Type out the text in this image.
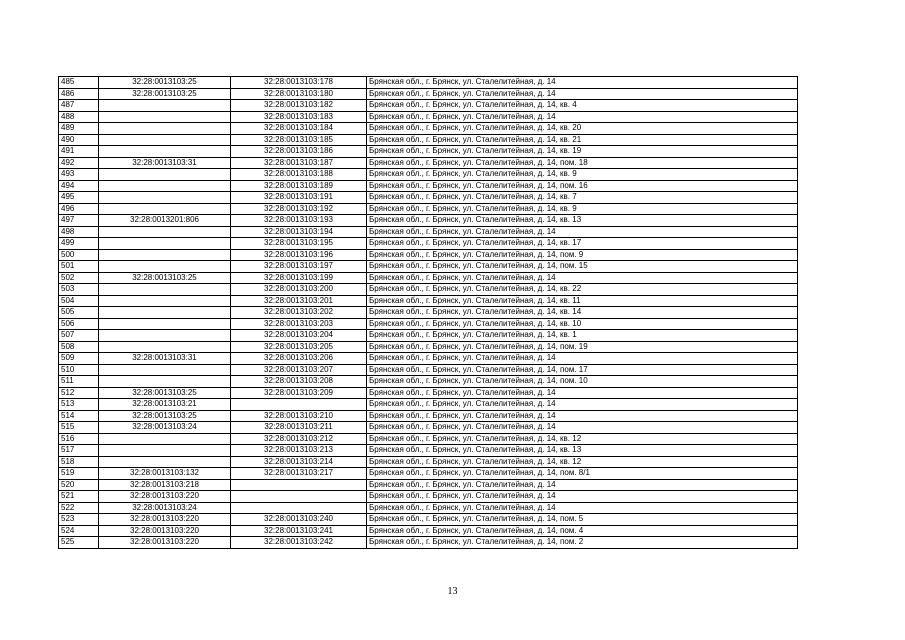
485	32:28:0013103:25	32:28:0013103:178	Брянская обл., г. Брянск, ул. Сталелитейная, д. 14
486	32:28:0013103:25	32:28:0013103:180	Брянская обл., г. Брянск, ул. Сталелитейная, д. 14
487		32:28:0013103:182	Брянская обл., г. Брянск, ул. Сталелитейная, д. 14, кв. 4
488		32:28:0013103:183	Брянская обл., г. Брянск, ул. Сталелитейная, д. 14
489		32:28:0013103:184	Брянская обл., г. Брянск, ул. Сталелитейная, д. 14, кв. 20
490		32:28:0013103:185	Брянская обл., г. Брянск, ул. Сталелитейная, д. 14, кв. 21
491		32:28:0013103:186	Брянская обл., г. Брянск, ул. Сталелитейная, д. 14, кв. 19
492	32:28:0013103:31	32:28:0013103:187	Брянская обл., г. Брянск, ул. Сталелитейная, д. 14, пом. 18
493		32:28:0013103:188	Брянская обл., г. Брянск, ул. Сталелитейная, д. 14, кв. 9
494		32:28:0013103:189	Брянская обл., г. Брянск, ул. Сталелитейная, д. 14, пом. 16
495		32:28:0013103:191	Брянская обл., г. Брянск, ул. Сталелитейная, д. 14, кв. 7
496		32:28:0013103:192	Брянская обл., г. Брянск, ул. Сталелитейная, д. 14, кв. 9
497	32:28:0013201:806	32:28:0013103:193	Брянская обл., г. Брянск, ул. Сталелитейная, д. 14, кв. 13
498		32:28:0013103:194	Брянская обл., г. Брянск, ул. Сталелитейная, д. 14
499		32:28:0013103:195	Брянская обл., г. Брянск, ул. Сталелитейная, д. 14, кв. 17
500		32:28:0013103:196	Брянская обл., г. Брянск, ул. Сталелитейная, д. 14, пом. 9
501		32:28:0013103:197	Брянская обл., г. Брянск, ул. Сталелитейная, д. 14, пом. 15
502	32:28:0013103:25	32:28:0013103:199	Брянская обл., г. Брянск, ул. Сталелитейная, д. 14
503		32:28:0013103:200	Брянская обл., г. Брянск, ул. Сталелитейная, д. 14, кв. 22
504		32:28:0013103:201	Брянская обл., г. Брянск, ул. Сталелитейная, д. 14, кв. 11
505		32:28:0013103:202	Брянская обл., г. Брянск, ул. Сталелитейная, д. 14, кв. 14
506		32:28:0013103:203	Брянская обл., г. Брянск, ул. Сталелитейная, д. 14, кв. 10
507		32:28:0013103:204	Брянская обл., г. Брянск, ул. Сталелитейная, д. 14, кв. 1
508		32:28:0013103:205	Брянская обл., г. Брянск, ул. Сталелитейная, д. 14, пом. 19
509	32:28:0013103:31	32:28:0013103:206	Брянская обл., г. Брянск, ул. Сталелитейная, д. 14
510		32:28:0013103:207	Брянская обл., г. Брянск, ул. Сталелитейная, д. 14, пом. 17
511		32:28:0013103:208	Брянская обл., г. Брянск, ул. Сталелитейная, д. 14, пом. 10
512	32:28:0013103:25	32:28:0013103:209	Брянская обл., г. Брянск, ул. Сталелитейная, д. 14
513	32:28:0013103:21		Брянская обл., г. Брянск, ул. Сталелитейная, д. 14
514	32:28:0013103:25	32:28:0013103:210	Брянская обл., г. Брянск, ул. Сталелитейная, д. 14
515	32:28:0013103:24	32:28:0013103:211	Брянская обл., г. Брянск, ул. Сталелитейная, д. 14
516		32:28:0013103:212	Брянская обл., г. Брянск, ул. Сталелитейная, д. 14, кв. 12
517		32:28:0013103:213	Брянская обл., г. Брянск, ул. Сталелитейная, д. 14, кв. 13
518		32:28:0013103:214	Брянская обл., г. Брянск, ул. Сталелитейная, д. 14, кв. 12
519	32:28:0013103:132	32:28:0013103:217	Брянская обл., г. Брянск, ул. Сталелитейная, д. 14, пом. 8/1
520	32:28:0013103:218		Брянская обл., г. Брянск, ул. Сталелитейная, д. 14
521	32:28:0013103:220		Брянская обл., г. Брянск, ул. Сталелитейная, д. 14
522	32:28:0013103:24		Брянская обл., г. Брянск, ул. Сталелитейная, д. 14
523	32:28:0013103:220	32:28:0013103:240	Брянская обл., г. Брянск, ул. Сталелитейная, д. 14, пом. 5
524	32:28:0013103:220	32:28:0013103:241	Брянская обл., г. Брянск, ул. Сталелитейная, д. 14, пом. 4
525	32:28:0013103:220	32:28:0013103:242	Брянская обл., г. Брянск, ул. Сталелитейная, д. 14, пом. 2
13
